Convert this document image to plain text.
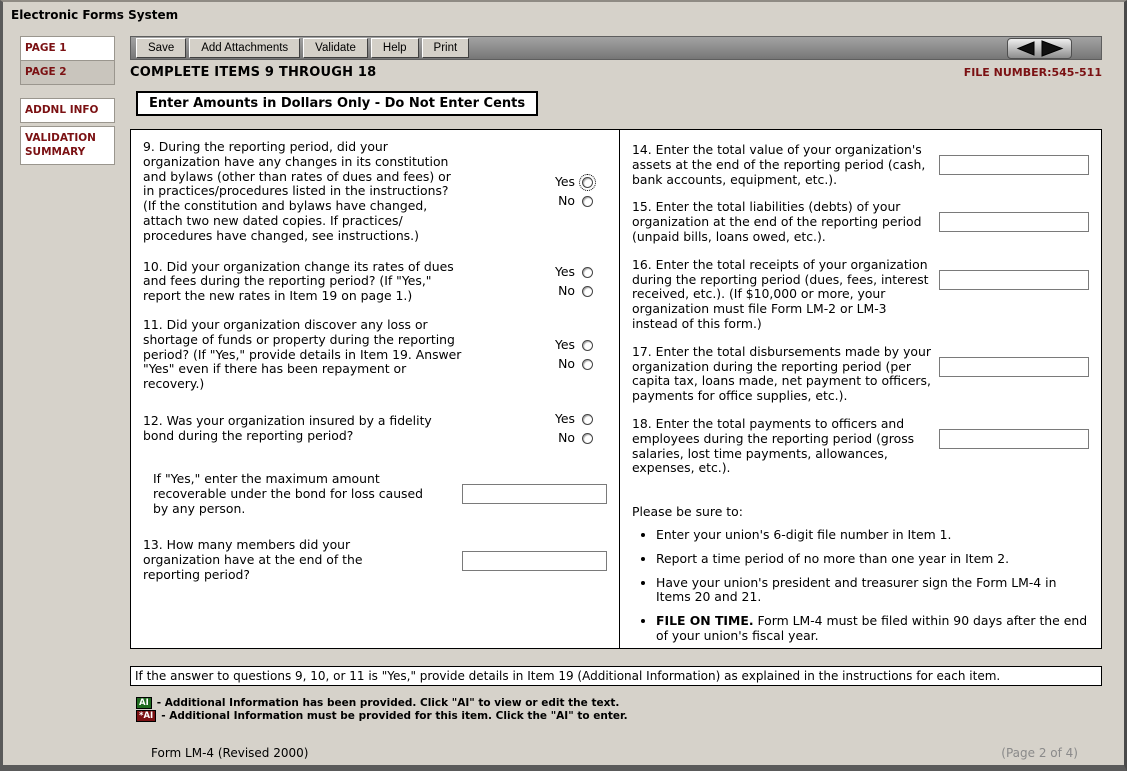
Electronic Forms System
PAGE 1
PAGE 2
ADDNL INFO
VALIDATION SUMMARY
Save	Add Attachments	Validate	Help	Print
COMPLETE ITEMS 9 THROUGH 18	FILE NUMBER:545-511
Enter Amounts in Dollars Only - Do Not Enter Cents
9. During the reporting period, did your organization have any changes in its constitution and bylaws (other than rates of dues and fees) or in practices/procedures listed in the instructions? (If the constitution and bylaws have changed, attach two new dated copies. If practices/ procedures have changed, see instructions.)
Yes
No
10. Did your organization change its rates of dues and fees during the reporting period? (If "Yes," report the new rates in Item 19 on page 1.)
Yes
No
11. Did your organization discover any loss or shortage of funds or property during the reporting period? (If "Yes," provide details in Item 19. Answer "Yes" even if there has been repayment or recovery.)
Yes
No
12. Was your organization insured by a fidelity bond during the reporting period?
Yes
No
If "Yes," enter the maximum amount recoverable under the bond for loss caused by any person.
13. How many members did your organization have at the end of the reporting period?
14. Enter the total value of your organization's assets at the end of the reporting period (cash, bank accounts, equipment, etc.).
15. Enter the total liabilities (debts) of your organization at the end of the reporting period (unpaid bills, loans owed, etc.).
16. Enter the total receipts of your organization during the reporting period (dues, fees, interest received, etc.). (If $10,000 or more, your organization must file Form LM-2 or LM-3 instead of this form.)
17. Enter the total disbursements made by your organization during the reporting period (per capita tax, loans made, net payment to officers, payments for office supplies, etc.).
18. Enter the total payments to officers and employees during the reporting period (gross salaries, lost time payments, allowances, expenses, etc.).
Please be sure to:
• Enter your union's 6-digit file number in Item 1.
• Report a time period of no more than one year in Item 2.
• Have your union's president and treasurer sign the Form LM-4 in Items 20 and 21.
• FILE ON TIME. Form LM-4 must be filed within 90 days after the end of your union's fiscal year.
If the answer to questions 9, 10, or 11 is "Yes," provide details in Item 19 (Additional Information) as explained in the instructions for each item.
AI - Additional Information has been provided. Click "AI" to view or edit the text.
*AI - Additional Information must be provided for this item. Click the "AI" to enter.
Form LM-4 (Revised 2000)	(Page 2 of 4)
